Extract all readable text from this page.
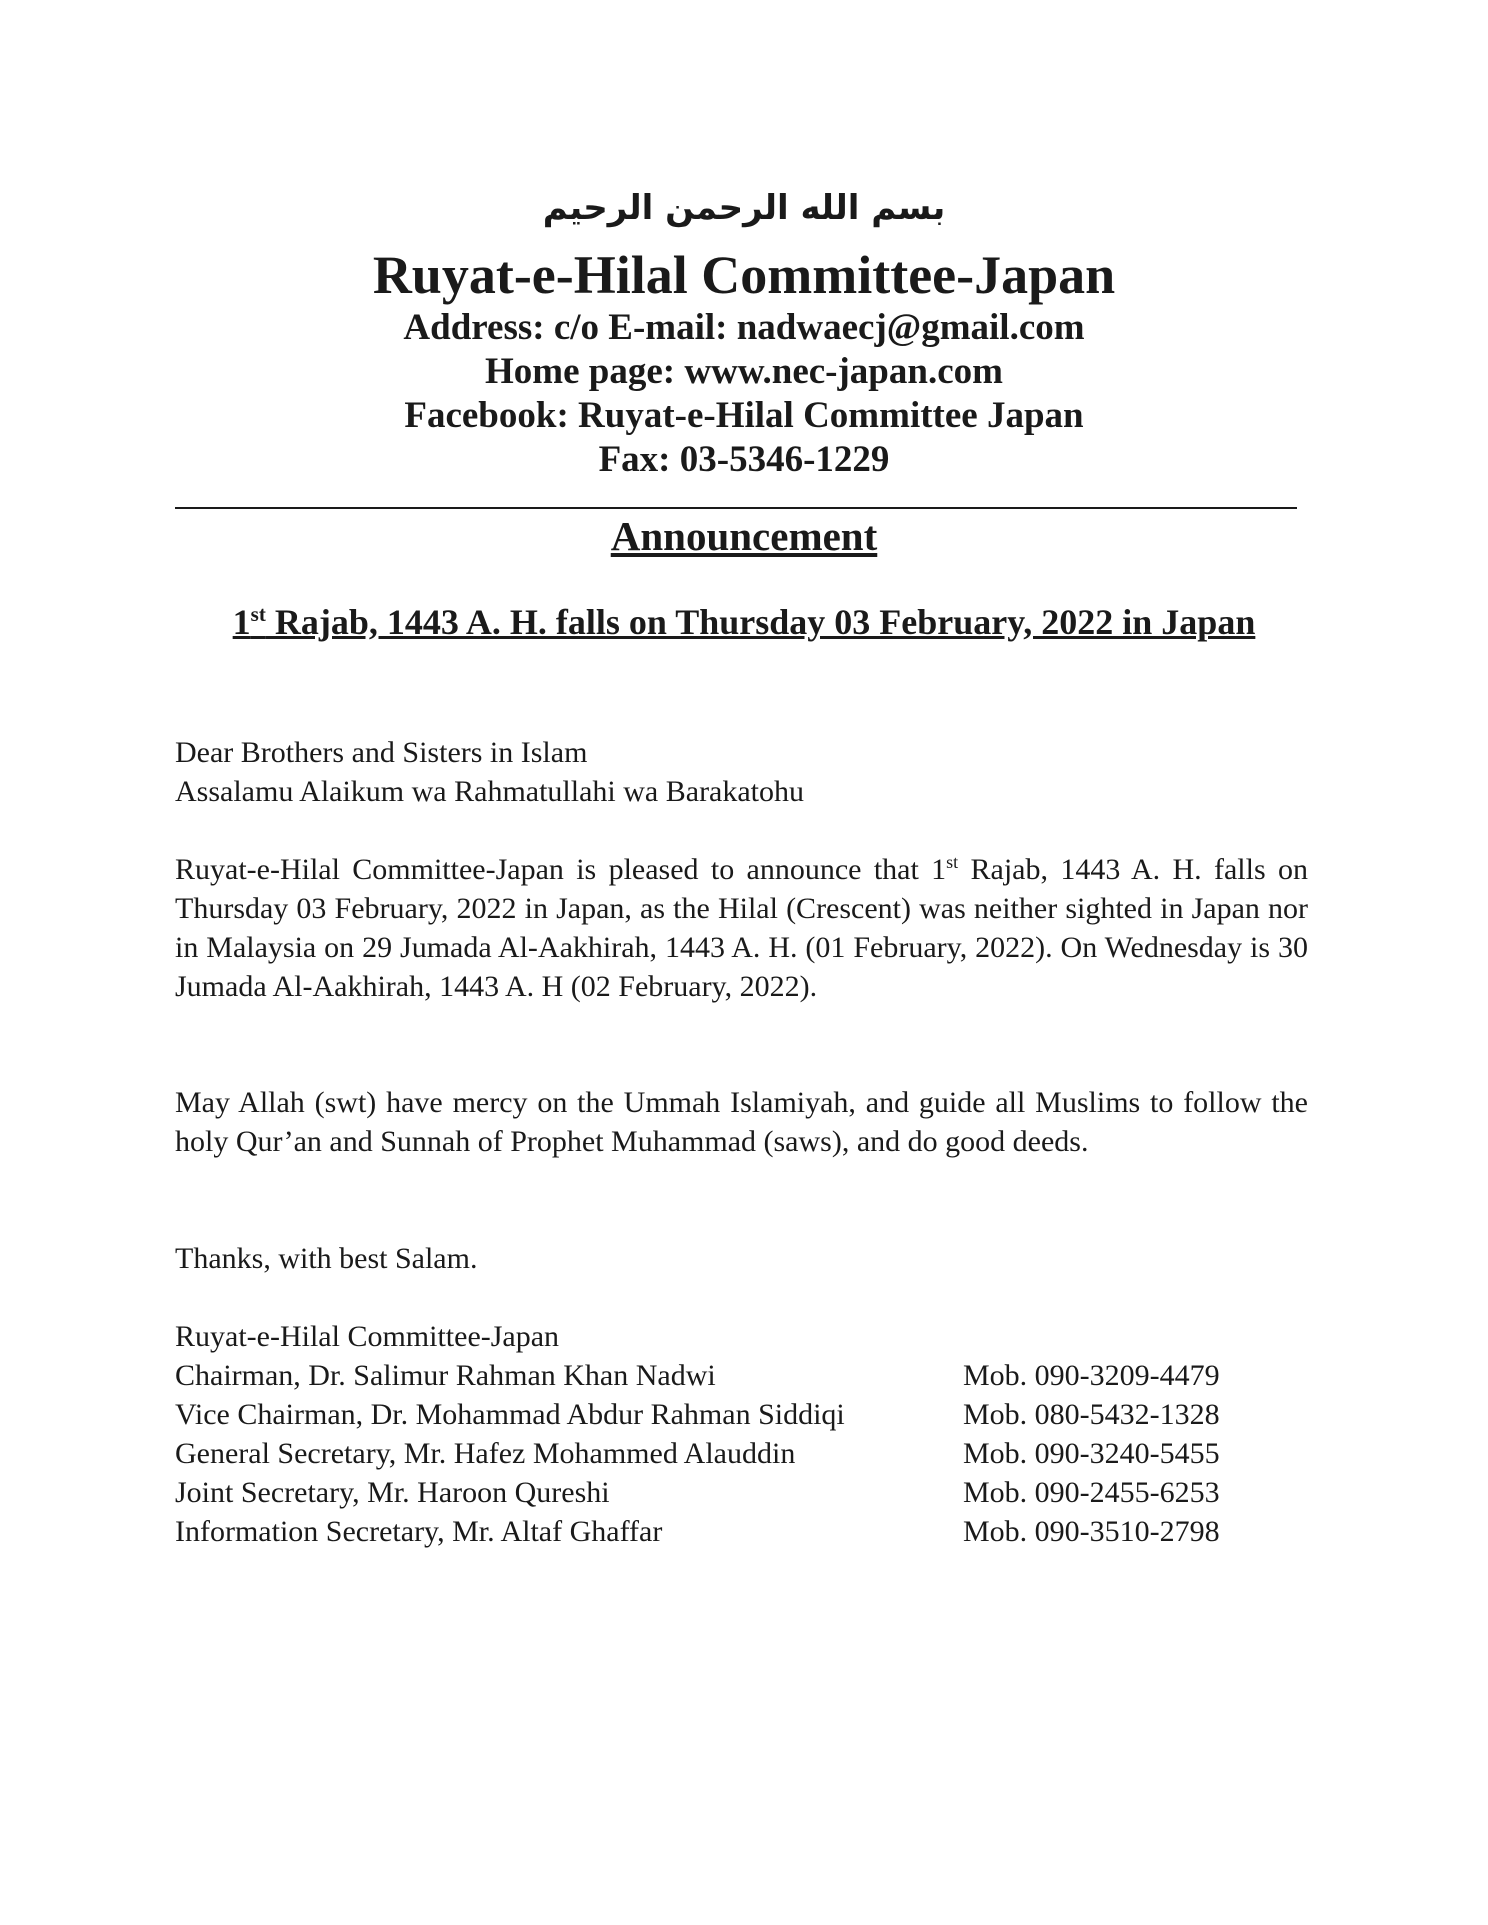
بسم الله الرحمن الرحيم
Ruyat-e-Hilal Committee-Japan
Address: c/o E-mail: nadwaecj@gmail.com
Home page: www.nec-japan.com
Facebook: Ruyat-e-Hilal Committee Japan
Fax: 03-5346-1229
Announcement
1st Rajab, 1443 A. H. falls on Thursday 03 February, 2022 in Japan
Dear Brothers and Sisters in Islam
Assalamu Alaikum wa Rahmatullahi wa Barakatohu
Ruyat-e-Hilal Committee-Japan is pleased to announce that 1st Rajab, 1443 A. H. falls on Thursday 03 February, 2022 in Japan, as the Hilal (Crescent) was neither sighted in Japan nor in Malaysia on 29 Jumada Al-Aakhirah, 1443 A. H. (01 February, 2022). On Wednesday is 30 Jumada Al-Aakhirah, 1443 A. H (02 February, 2022).
May Allah (swt) have mercy on the Ummah Islamiyah, and guide all Muslims to follow the holy Qur’an and Sunnah of Prophet Muhammad (saws), and do good deeds.
Thanks, with best Salam.
Ruyat-e-Hilal Committee-Japan
Chairman, Dr. Salimur Rahman Khan Nadwi	Mob. 090-3209-4479
Vice Chairman, Dr. Mohammad Abdur Rahman Siddiqi	Mob. 080-5432-1328
General Secretary, Mr. Hafez Mohammed Alauddin	Mob. 090-3240-5455
Joint Secretary, Mr. Haroon Qureshi	Mob. 090-2455-6253
Information Secretary, Mr. Altaf Ghaffar	Mob. 090-3510-2798
